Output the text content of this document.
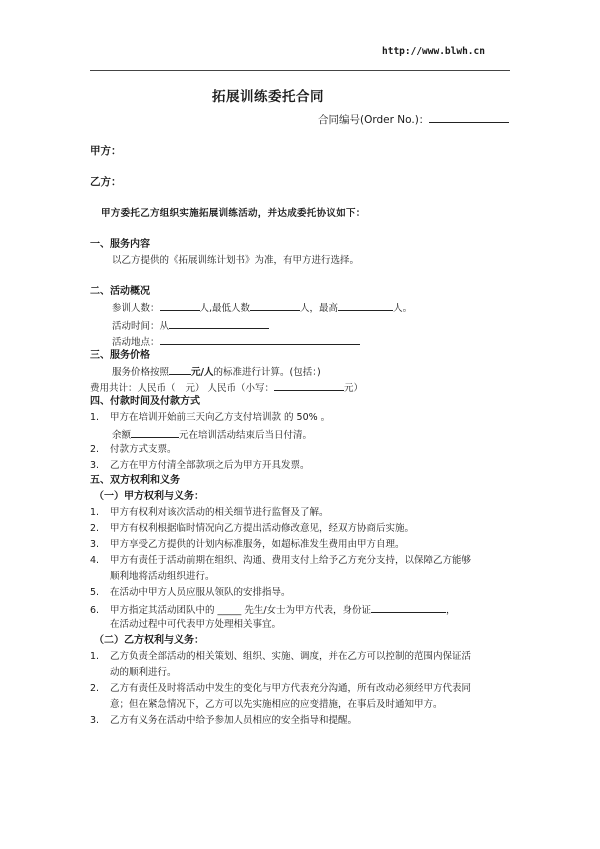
http://www.blwh.cn
拓展训练委托合同
合同编号(Order No.)：
甲方：
乙方：
甲方委托乙方组织实施拓展训练活动，并达成委托协议如下：
一、服务内容
以乙方提供的《拓展训练计划书》为准，有甲方进行选择。
二、活动概况
参训人数：	人,最低人数	人，最高	人。
活动时间：从
活动地点：
三、服务价格
服务价格按照 元/人的标准进行计算。(包括：)
费用共计：人民币（ 元） 人民币（小写：	元）
四、付款时间及付款方式
1. 甲方在培训开始前三天向乙方支付培训款 的 50% 。
余额	元在培训活动结束后当日付清。
2. 付款方式支票。
3. 乙方在甲方付清全部款项之后为甲方开具发票。
五、双方权利和义务
（一）甲方权利与义务：
1. 甲方有权利对该次活动的相关细节进行监督及了解。
2. 甲方有权利根据临时情况向乙方提出活动修改意见，经双方协商后实施。
3. 甲方享受乙方提供的计划内标准服务，如超标准发生费用由甲方自理。
4. 甲方有责任于活动前期在组织、沟通、费用支付上给予乙方充分支持，以保障乙方能够
顺利地将活动组织进行。
5. 在活动中甲方人员应服从领队的安排指导。
6. 甲方指定其活动团队中的 _____ 先生/女士为甲方代表，身份证	，
在活动过程中可代表甲方处理相关事宜。
（二）乙方权利与义务：
1. 乙方负责全部活动的相关策划、组织、实施、调度，并在乙方可以控制的范围内保证活
动的顺利进行。
2. 乙方有责任及时将活动中发生的变化与甲方代表充分沟通，所有改动必须经甲方代表同
意；但在紧急情况下，乙方可以先实施相应的应变措施，在事后及时通知甲方。
3. 乙方有义务在活动中给予参加人员相应的安全指导和提醒。
